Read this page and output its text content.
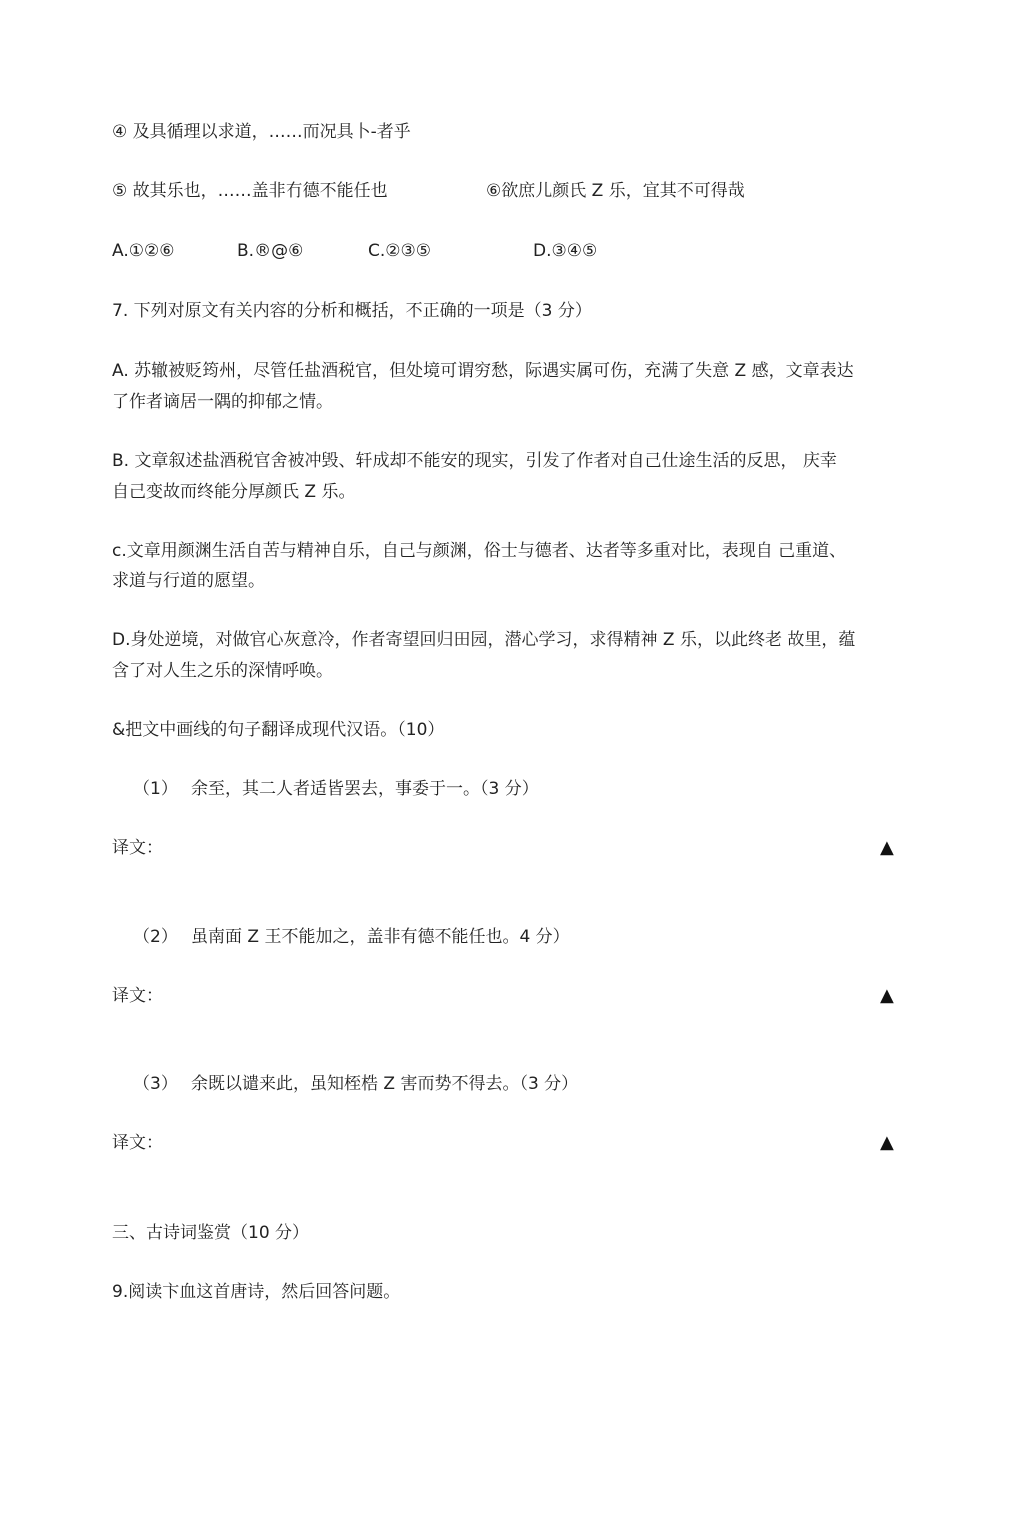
④ 及具循理以求道，……而况具卜-者乎
⑤ 故其乐也，……盖非冇德不能任也	⑥欲庶儿颜氏 Z 乐，宜其不可得哉
A.①②⑥	B.®@⑥	C.②③⑤	D.③④⑤
7. 下列对原文有关内容的分析和概括，不正确的一项是（3 分）
A. 苏辙被贬筠州，尽管任盐酒税官，但处境可谓穷愁，际遇实属可伤，充满了失意 Z 感，文章表达
了作者谪居一隅的抑郁之情。
B. 文章叙述盐酒税官舍被冲毁、轩成却不能安的现实，引发了作者对自己仕途生活的反思， 庆幸
自己变故而终能分厚颜氏 Z 乐。
c.文章用颜渊生活自苦与精神自乐，自己与颜渊，俗士与德者、达者等多重对比，表现自 己重道、
求道与行道的愿望。
D.身处逆境，对做官心灰意冷，作者寄望回归田园，潜心学习，求得精神 Z 乐，以此终老 故里，蕴
含了对人生之乐的深情呼唤。
&把文中画线的句子翻译成现代汉语。（10）
（1） 余至，其二人者适皆罢去，事委于一。（3 分）
译文：	▲
（2） 虽南面 Z 王不能加之，盖非有德不能任也。4 分）
译文：	▲
（3） 余既以谴来此，虽知桎梏 Z 害而势不得去。（3 分）
译文：	▲
三、古诗词鉴赏（10 分）
9.阅读卞血这首唐诗，然后回答问题。
